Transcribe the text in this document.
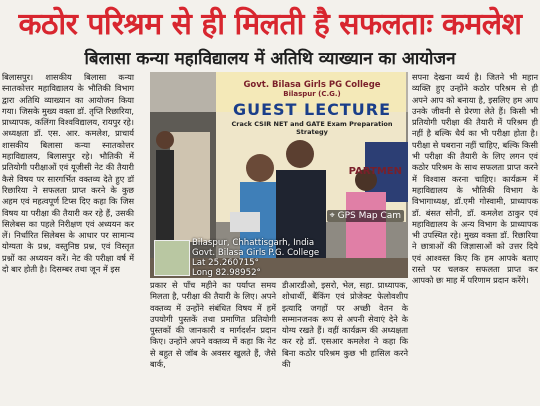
कठोर परिश्रम से ही मिलती है सफलताः कमलेश
बिलासा कन्या महाविद्यालय में अतिथि व्याख्यान का आयोजन

बिलासपुर। शासकीय बिलासा कन्या स्नातकोत्तर महाविद्यालय के भौतिकी विभाग द्वारा अतिथि व्याख्यान का आयोजन किया गया। जिसके मुख्य वक्ता डॉ. तृप्ति रिछारिया, प्राध्यापक, कलिंगा विश्वविद्यालय, रायपुर रहे। अध्यक्षता डॉ. एस. आर. कमलेश, प्राचार्य शासकीय बिलासा कन्या स्नातकोत्तर महाविद्यालय, बिलासपुर रहे। भौतिकी में प्रतियोगी परीक्षाओं एवं यूजीसी नेट की तैयारी कैसे विषय पर सारगर्भित वक्तव्य देते हुए डॉ रिछारिया ने सफलता प्राप्त करने के कुछ अहम एवं महत्वपूर्ण टिप्स दिए कहा कि जिस विषय या परीक्षा की तैयारी कर रहे हैं, उसकी सिलेबस का पहले निरीक्षण एवं अध्ययन कर लें। निर्धारित सिलेबस के आधार पर सामान्य योग्यता के प्रश्न, वस्तुनिष्ठ प्रश्न, एवं विस्तृत प्रश्नों का अध्ययन करें। नेट की परीक्षा वर्ष में दो बार होती है। दिसम्बर तथा जून में इस

Govt. Bilasa Girls PG College
Bilaspur (C.G.)
GUEST LECTURE
Crack CSIR NET and GATE Exam Preparation Strategy
PARTMEN
⌖ GPS Map Cam
Bilaspur, Chhattisgarh, India
Govt. Bilasa Girls P.G. College
Lat 25.260715°
Long 82.98952°

प्रकार से पाँच महीने का पर्याप्त समय मिलता है, परीक्षा की तैयारी के लिए। अपने वक्तव्य में उन्होंने संबंधित विषय में हमें उपयोगी पुस्तकें तथा प्रमाणित प्रतियोगी पुस्तकों की जानकारी व मार्गदर्शन प्रदान किए। उन्होंने अपने वक्तव्य में कहा कि नेट से बहुत से जॉब के अवसर खुलते हैं, जैसे बार्क,

डीआरडीओ, इसरो, भेल, सहा. प्राध्यापक, शोधार्थी, बैंकिंग एवं प्रोजेक्ट फेलोवशीप इत्यादि जगहों पर अच्छी वेतन के सम्मानजनक रूप से अपनी सेवाएं देने के योग्य रखते हैं। वहीं कार्यक्रम की अध्यक्षता कर रहे डॉ. एसआर कमलेश ने कहा कि बिना कठोर परिश्रम कुछ भी हासिल करने की

सपना देखना व्यर्थ है। जितने भी महान व्यक्ति हुए उन्होंने कठोर परिश्रम से ही अपने आप को बनाया है, इसलिए हम आप उनके जीवनी से प्रेरणा लेते हैं। किसी भी प्रतियोगी परीक्षा की तैयारी में परिश्रम ही नहीं है बल्कि धैर्य का भी परीक्षा होता है। परीक्षा से घबराना नहीं चाहिए, बल्कि किसी भी परीक्षा की तैयारी के लिए लगन एवं कठोर परिश्रम के साथ सफलता प्राप्त करने में विश्वास करना चाहिए। कार्यक्रम में महाविद्यालय के भौतिकी विभाग के विभागाध्यक्ष, डॉ.एमी गोस्वामी, प्राध्यापक डॉ. बंसत सोनी, डॉ. कमलेश ठाकुर एवं महाविद्यालय के अन्य विभाग के प्राध्यापक भी उपस्थित रहे। मुख्य वक्ता डॉ. रिछारिया ने छात्राओं की जिज्ञासाओं को उत्तर दिये एवं आश्वस्त किए कि हम आपके बताए रास्ते पर चलकर सफलता प्राप्त कर आपको छः माह में परिणाम प्रदान करेंगे।
